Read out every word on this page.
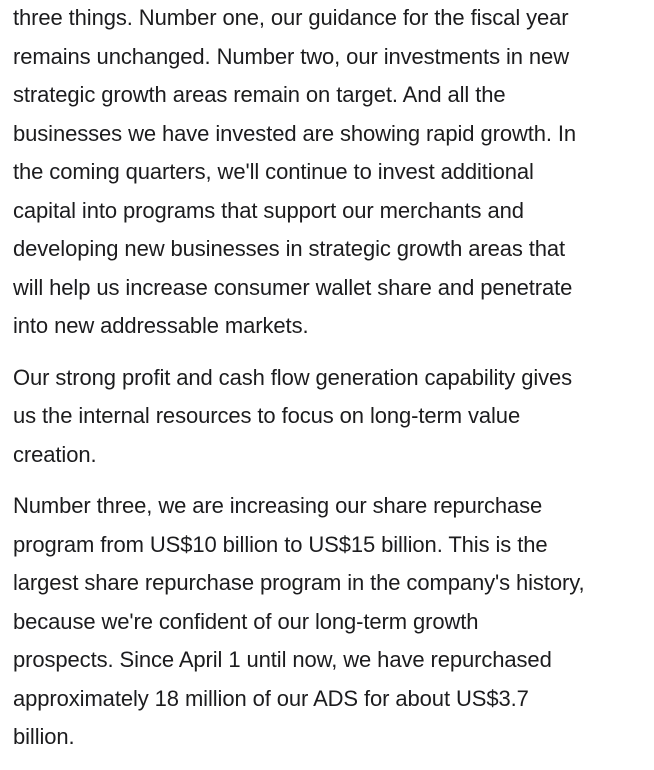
three things. Number one, our guidance for the fiscal year

remains unchanged. Number two, our investments in new

strategic growth areas remain on target. And all the

businesses we have invested are showing rapid growth. In

the coming quarters, we'll continue to invest additional

capital into programs that support our merchants and

developing new businesses in strategic growth areas that

will help us increase consumer wallet share and penetrate

into new addressable markets.

Our strong profit and cash flow generation capability gives

us the internal resources to focus on long-term value

creation.

Number three, we are increasing our share repurchase

program from US$10 billion to US$15 billion. This is the

largest share repurchase program in the company's history,

because we're confident of our long-term growth

prospects. Since April 1 until now, we have repurchased

approximately 18 million of our ADS for about US$3.7

billion.
